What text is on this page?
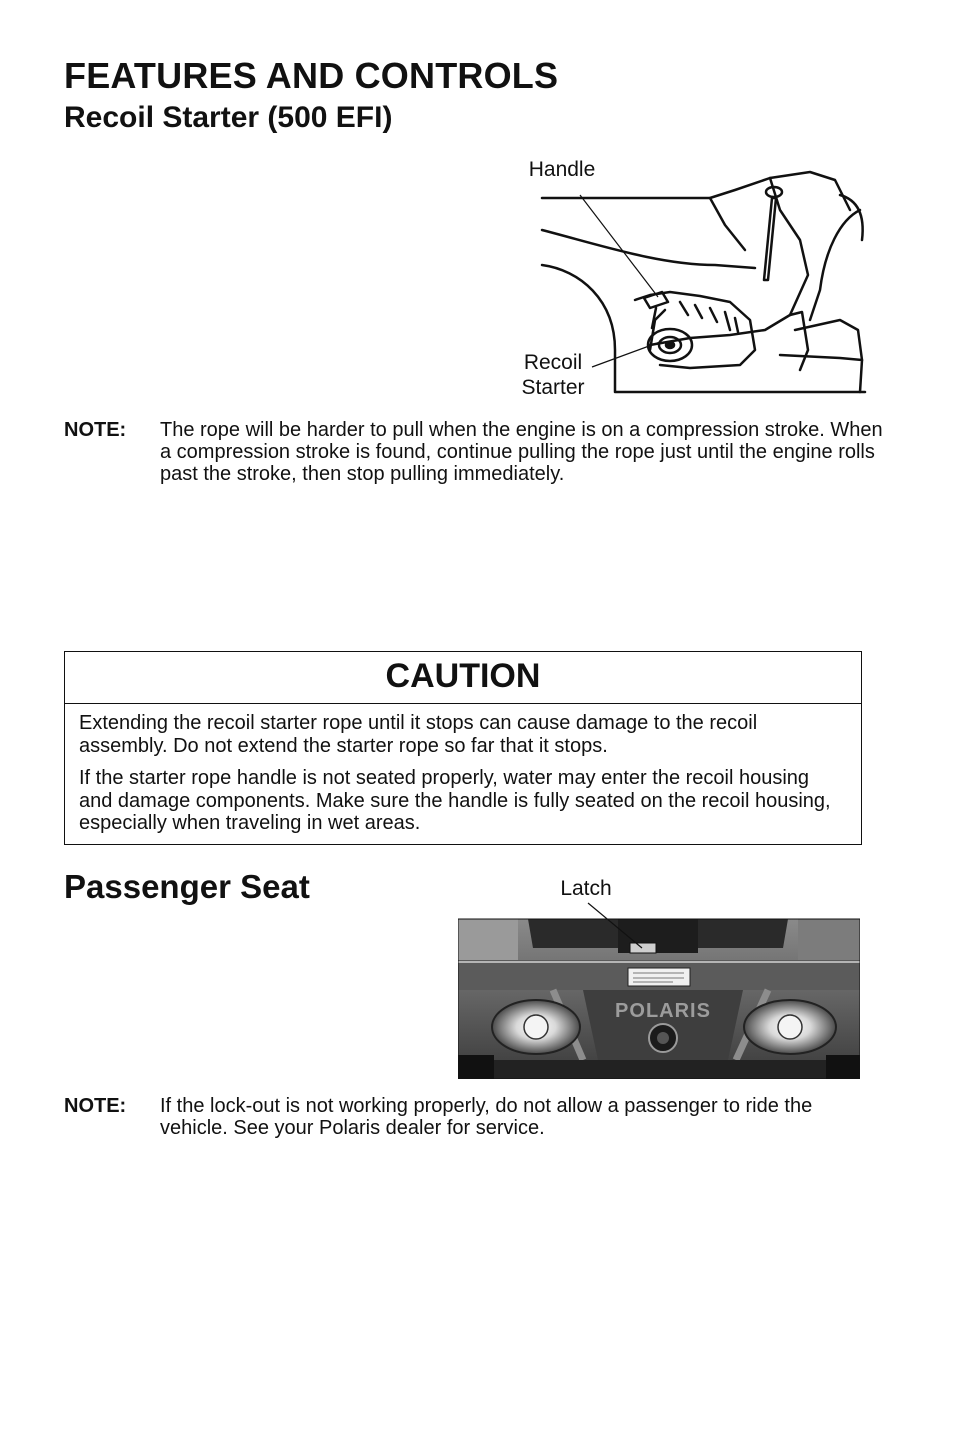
FEATURES AND CONTROLS
Recoil Starter (500 EFI)
Handle
Recoil
Starter
NOTE:	The rope will be harder to pull when the engine is on a compression stroke. When a compression stroke is found, continue pulling the rope just until the engine rolls past the stroke, then stop pulling immediately.
CAUTION

Extending the recoil starter rope until it stops can cause damage to the recoil assembly. Do not extend the starter rope so far that it stops.

If the starter rope handle is not seated properly, water may enter the recoil housing and damage components. Make sure the handle is fully seated on the recoil housing, especially when traveling in wet areas.

Passenger Seat	Latch
POLARIS
NOTE:	If the lock-out is not working properly, do not allow a passenger to ride the vehicle. See your Polaris dealer for service.
